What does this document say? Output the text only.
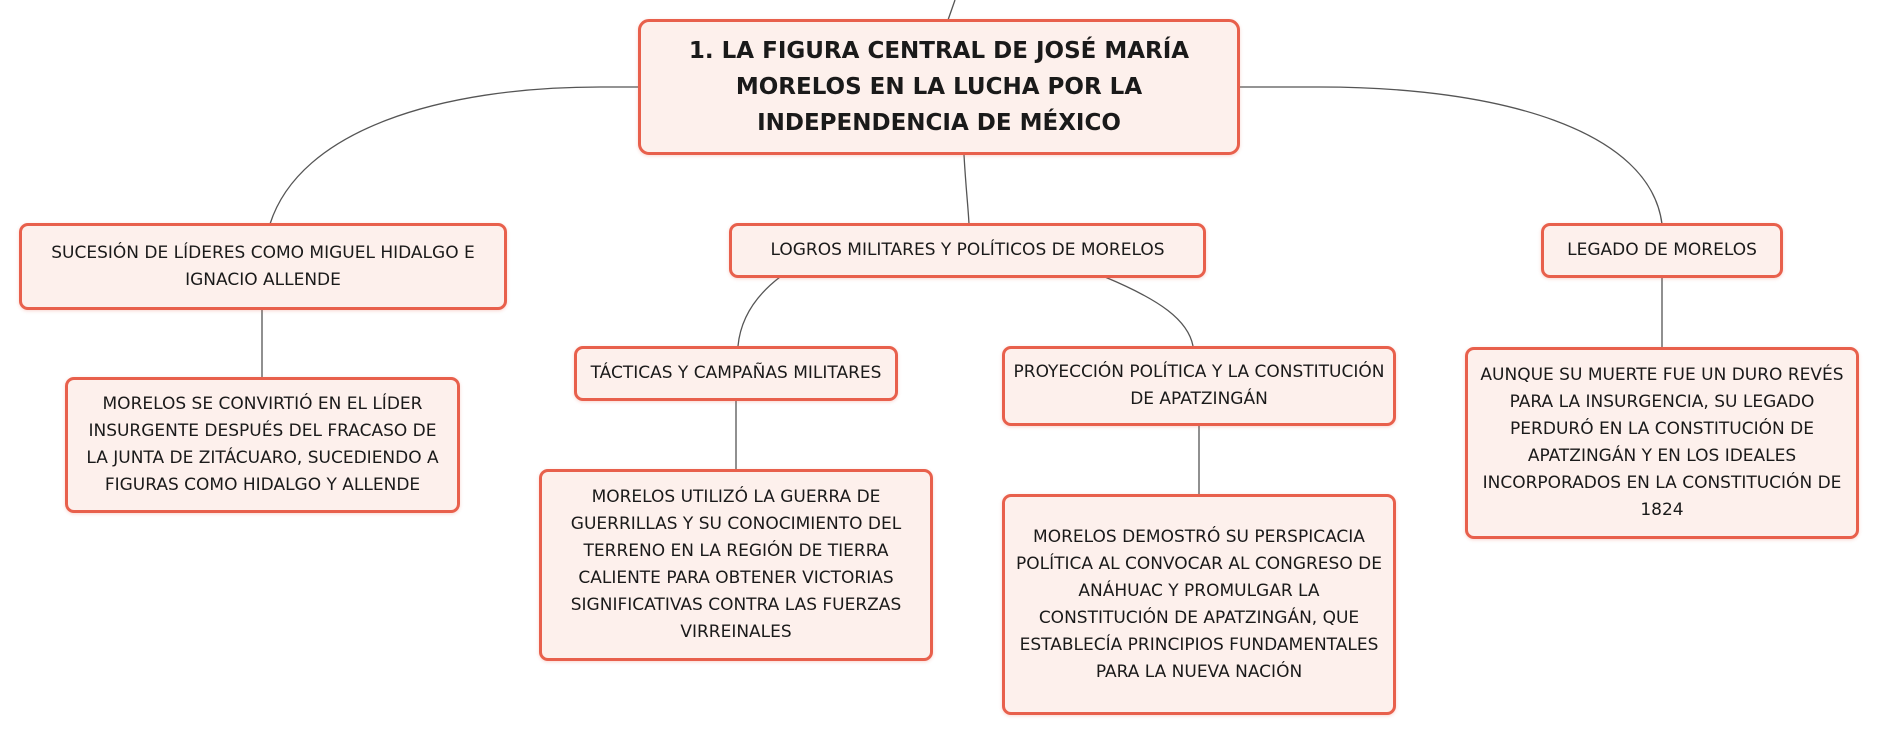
1. LA FIGURA CENTRAL DE JOSÉ MARÍA MORELOS EN LA LUCHA POR LA INDEPENDENCIA DE MÉXICO
SUCESIÓN DE LÍDERES COMO MIGUEL HIDALGO E IGNACIO ALLENDE
LOGROS MILITARES Y POLÍTICOS DE MORELOS	LEGADO DE MORELOS
MORELOS SE CONVIRTIÓ EN EL LÍDER INSURGENTE DESPUÉS DEL FRACASO DE LA JUNTA DE ZITÁCUARO, SUCEDIENDO A FIGURAS COMO HIDALGO Y ALLENDE
TÁCTICAS Y CAMPAÑAS MILITARES	PROYECCIÓN POLÍTICA Y LA CONSTITUCIÓN DE APATZINGÁN
MORELOS UTILIZÓ LA GUERRA DE GUERRILLAS Y SU CONOCIMIENTO DEL TERRENO EN LA REGIÓN DE TIERRA CALIENTE PARA OBTENER VICTORIAS SIGNIFICATIVAS CONTRA LAS FUERZAS VIRREINALES
MORELOS DEMOSTRÓ SU PERSPICACIA POLÍTICA AL CONVOCAR AL CONGRESO DE ANÁHUAC Y PROMULGAR LA CONSTITUCIÓN DE APATZINGÁN, QUE ESTABLECÍA PRINCIPIOS FUNDAMENTALES PARA LA NUEVA NACIÓN
AUNQUE SU MUERTE FUE UN DURO REVÉS PARA LA INSURGENCIA, SU LEGADO PERDURÓ EN LA CONSTITUCIÓN DE APATZINGÁN Y EN LOS IDEALES INCORPORADOS EN LA CONSTITUCIÓN DE 1824
